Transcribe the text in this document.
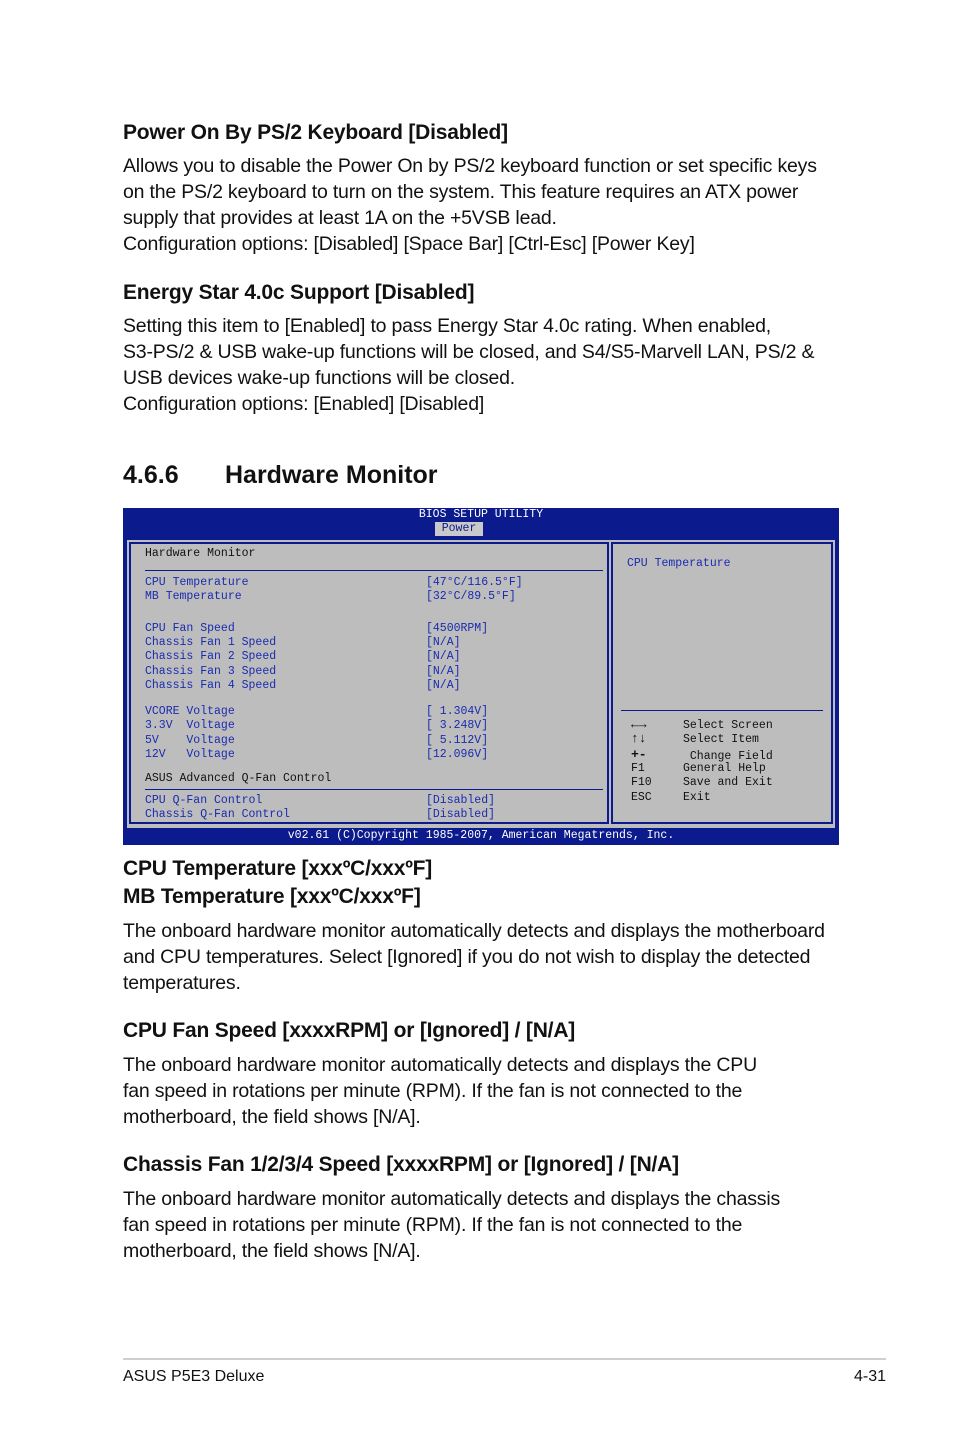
Power On By PS/2 Keyboard [Disabled]

Allows you to disable the Power On by PS/2 keyboard function or set specific keys
on the PS/2 keyboard to turn on the system. This feature requires an ATX power
supply that provides at least 1A on the +5VSB lead.
Configuration options: [Disabled] [Space Bar] [Ctrl-Esc] [Power Key]

Energy Star 4.0c Support [Disabled]

Setting this item to [Enabled] to pass Energy Star 4.0c rating. When enabled,
S3-PS/2 & USB wake-up functions will be closed, and S4/S5-Marvell LAN, PS/2 &
USB devices wake-up functions will be closed.
Configuration options: [Enabled] [Disabled]

4.6.6 Hardware Monitor
BIOS SETUP UTILITY
Power
Hardware Monitor
CPU Temperature	[47°C/116.5°F]
MB Temperature	[32°C/89.5°F]
CPU Fan Speed	[4500RPM]
Chassis Fan 1 Speed	[N/A]
Chassis Fan 2 Speed	[N/A]
Chassis Fan 3 Speed	[N/A]
Chassis Fan 4 Speed	[N/A]
VCORE Voltage	[ 1.304V]
3.3V  Voltage	[ 3.248V]
5V    Voltage	[ 5.112V]
12V   Voltage	[12.096V]
ASUS Advanced Q-Fan Control
CPU Q-Fan Control	[Disabled]
Chassis Q-Fan Control	[Disabled]
CPU Temperature
←→	Select Screen
↑↓	Select Item
+-	Change Field
F1	General Help
F10	Save and Exit
ESC	Exit
v02.61 (C)Copyright 1985-2007, American Megatrends, Inc.
CPU Temperature [xxxºC/xxxºF]
MB Temperature [xxxºC/xxxºF]

The onboard hardware monitor automatically detects and displays the motherboard
and CPU temperatures. Select [Ignored] if you do not wish to display the detected
temperatures.

CPU Fan Speed [xxxxRPM] or [Ignored] / [N/A]

The onboard hardware monitor automatically detects and displays the CPU
fan speed in rotations per minute (RPM). If the fan is not connected to the
motherboard, the field shows [N/A].

Chassis Fan 1/2/3/4 Speed [xxxxRPM] or [Ignored] / [N/A]

The onboard hardware monitor automatically detects and displays the chassis
fan speed in rotations per minute (RPM). If the fan is not connected to the
motherboard, the field shows [N/A].

ASUS P5E3 Deluxe	4-31
